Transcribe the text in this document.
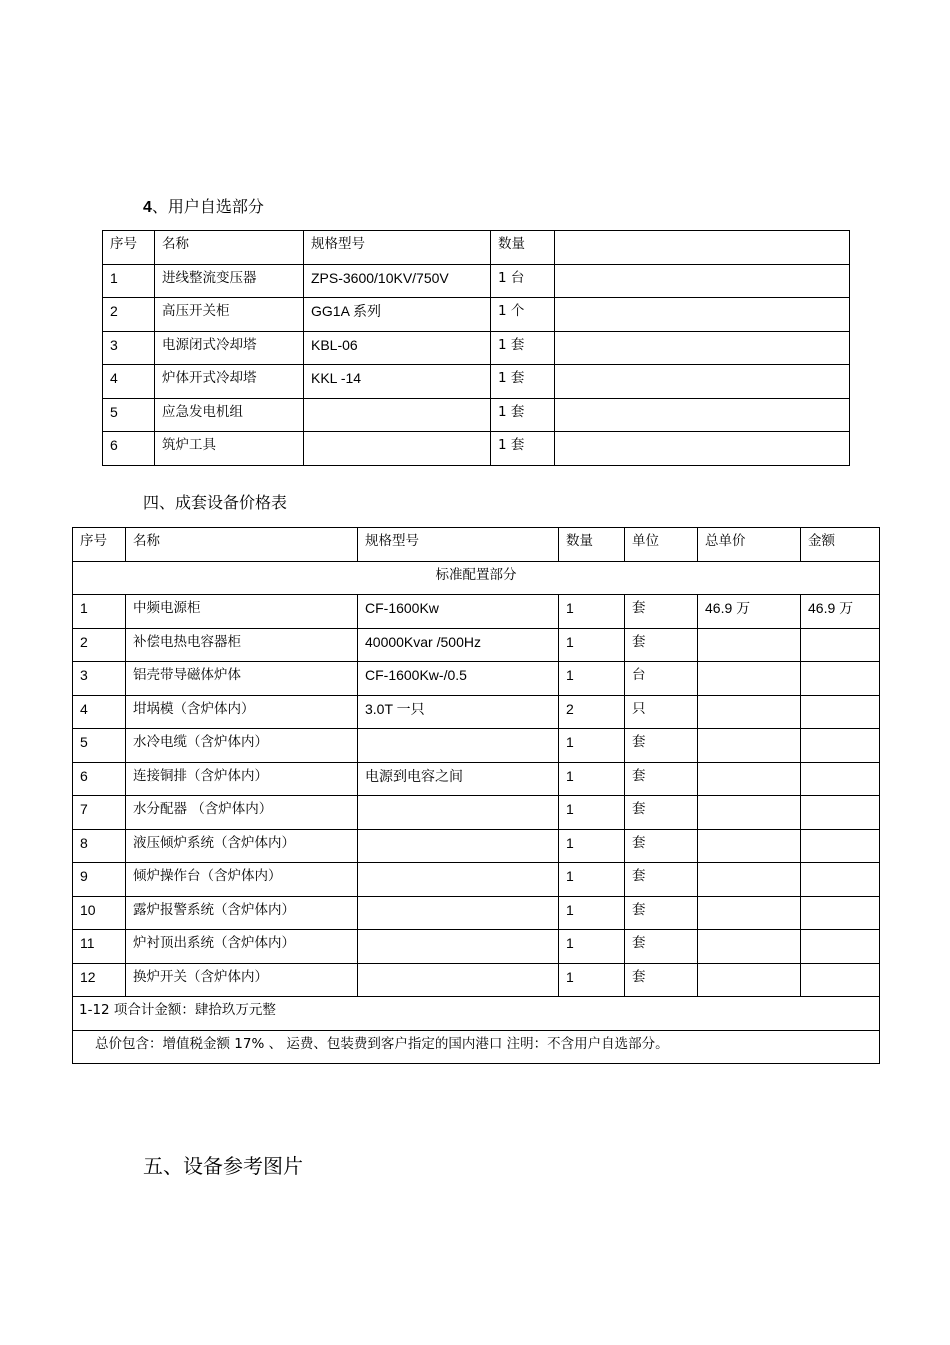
4、用户自选部分
序号	名称	规格型号	数量	
1	进线整流变压器	ZPS-3600/10KV/750V	1 台	
2	高压开关柜	GG1A 系列	1 个	
3	电源闭式冷却塔	KBL-06	1 套	
4	炉体开式冷却塔	KKL -14	1 套	
5	应急发电机组		1 套	
6	筑炉工具		1 套	
四、成套设备价格表
序号	名称	规格型号	数量	单位	总单价	金额
标准配置部分						
1	中频电源柜	CF-1600Kw	1	套	46.9 万	46.9 万
2	补偿电热电容器柜	40000Kvar /500Hz	1	套		
3	铝壳带导磁体炉体	CF-1600Kw-/0.5	1	台		
4	坩埚模（含炉体内）	3.0T 一只	2	只		
5	水冷电缆（含炉体内）		1	套		
6	连接铜排（含炉体内）	电源到电容之间	1	套		
7	水分配器 （含炉体内）		1	套		
8	液压倾炉系统（含炉体内）		1	套		
9	倾炉操作台（含炉体内）		1	套		
10	露炉报警系统（含炉体内）		1	套		
11	炉衬顶出系统（含炉体内）		1	套		
12	换炉开关（含炉体内）		1	套		
1-12 项合计金额：肆拾玖万元整						
总价包含：增值税金额 17% 、 运费、包装费到客户指定的国内港口 注明：不含用户自选部分。						
五、设备参考图片
